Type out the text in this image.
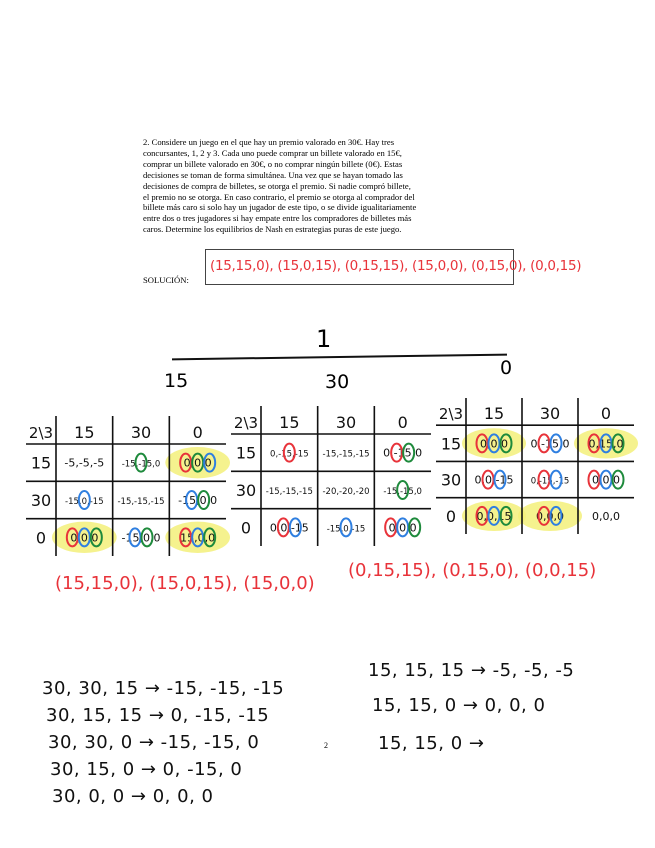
2. Considere un juego en el que hay un premio valorado en 30€. Hay tres

concursantes, 1, 2 y 3. Cada uno puede comprar un billete valorado en 15€,

comprar un billete valorado en 30€, o no comprar ningún billete (0€). Estas

decisiones se toman de forma simultánea. Una vez que se hayan tomado las

decisiones de compra de billetes, se otorga el premio. Si nadie compró billete,

el premio no se otorga. En caso contrario, el premio se otorga al comprador del

billete más caro si solo hay un jugador de este tipo, o se divide igualitariamente

entre dos o tres jugadores si hay empate entre los compradores de billetes más

caros. Determine los equilibrios de Nash en estrategias puras de este juego.

SOLUCIÓN:
(15,15,0), (15,0,15), (0,15,15), (15,0,0), (0,15,0), (0,0,15)
1
15	30
0
2\3 15 30	0
15 -5,-5,-5 -15,-15,0 0,0,0
30 -15,0,-15 -15,-15,-15 -15,0,0
0 0,0,0 -15,0,0 15,0,0
2\3 15 30	0
15 0,-15,-15 -15,-15,-15 0,-15,0
30 -15,-15,-15 -20,-20,-20 -15,-15,0
0 0,0,-15 -15,0,-15 0,0,0
2\3 15 30	0
15 0,0,0 0,-15,0 0,15,0
30 0,0,-15 0,-15,-15 0,0,0
0 0,0,15 0,0,0	0,0,0
(15,15,0), (15,0,15), (15,0,0)
(0,15,15), (0,15,0), (0,0,15)
30, 30, 15 → -15, -15, -15
30, 15, 15 → 0, -15, -15
30, 30, 0 → -15, -15, 0
30, 15, 0 → 0, -15, 0
30, 0, 0 → 0, 0, 0
15, 15, 15 → -5, -5, -5
15, 15, 0 → 0, 0, 0
15, 15, 0 →
2
